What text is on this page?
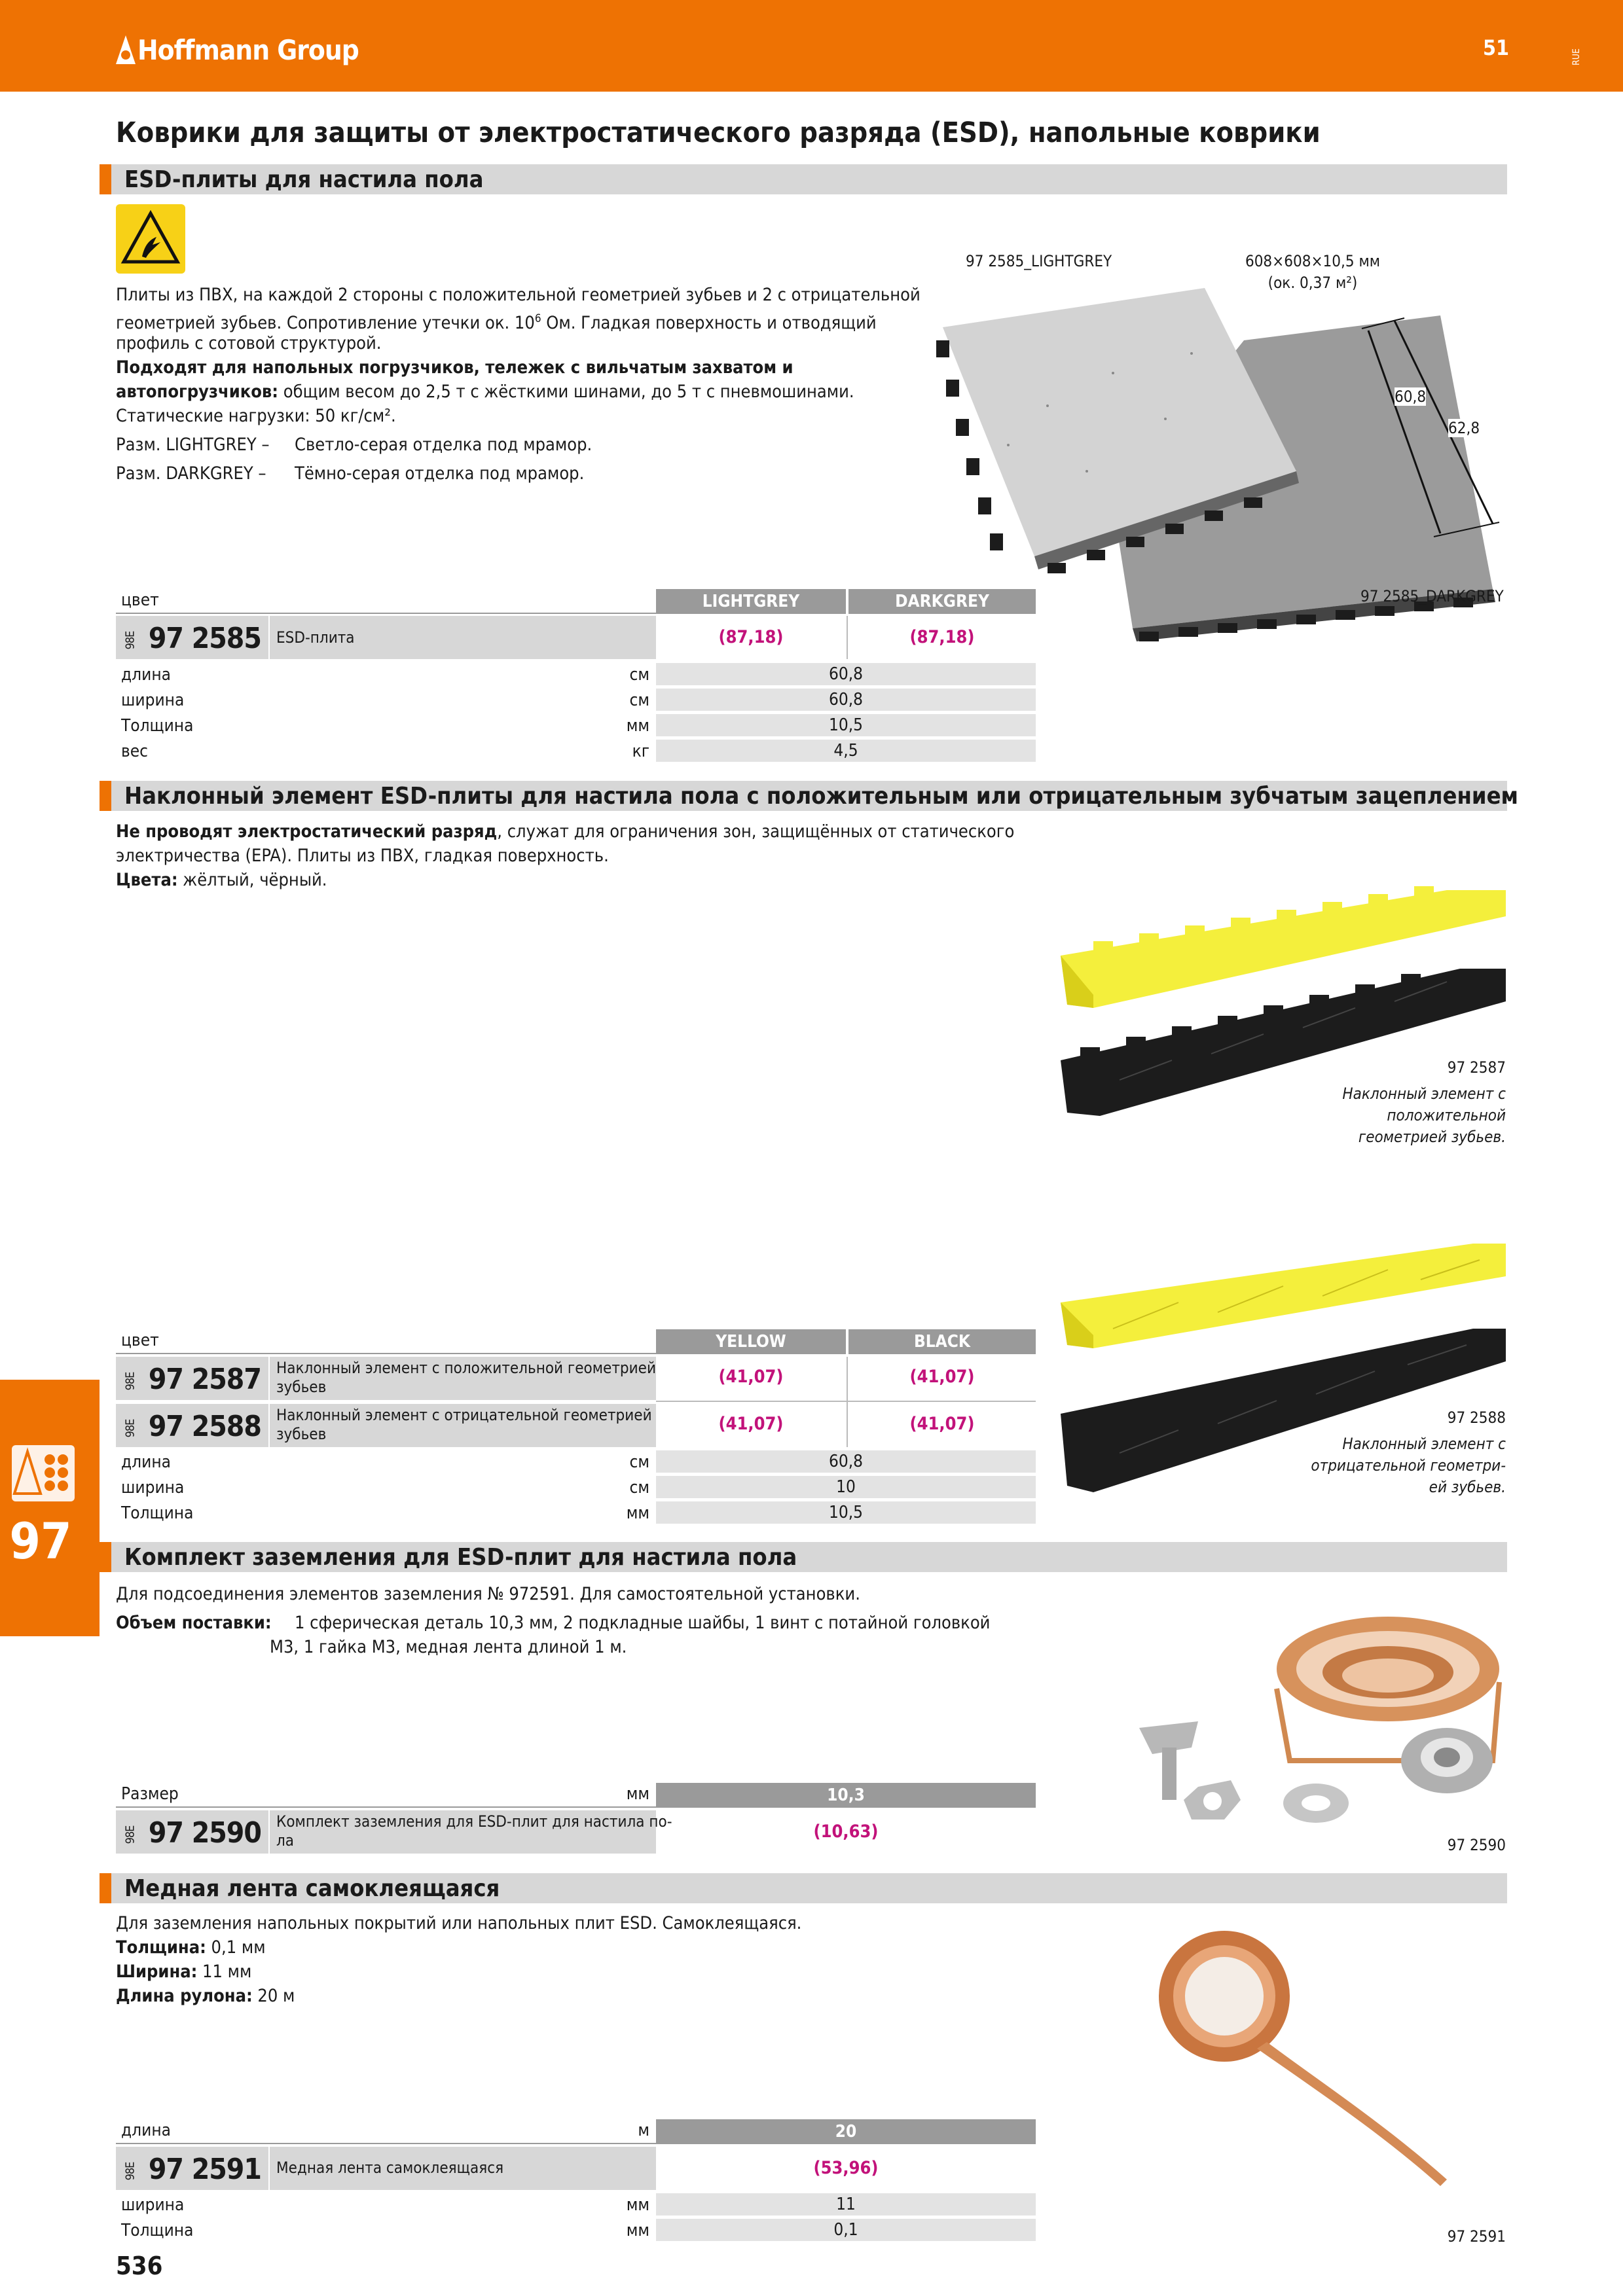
Hoffmann Group	51	RUE
Коврики для защиты от электростатического разряда (ESD), напольные коврики
ESD-плиты для настила пола
Плиты из ПВХ, на каждой 2 стороны с положительной геометрией зубьев и 2 с отрицательной
геометрией зубьев. Сопротивление утечки ок. $10^6$ Ом. Гладкая поверхность и отводящий
профиль с сотовой структурой.
Подходят для напольных погрузчиков, тележек с вильчатым захватом и
автопогрузчиков: общим весом до 2,5 т с жёсткими шинами, до 5 т с пневмошинами.
Статические нагрузки: 50 кг/см².
Разм. LIGHTGREY – Светло-серая отделка под мрамор.
Разм. DARKGREY – Тёмно-серая отделка под мрамор.
97 2585_LIGHTGREY	608×608×10,5 мм
(ок. 0,37 м²)
60,8
62,8
97 2585_DARKGREY
цвет	LIGHTGREY	DARKGREY
98E 97 2585 ESD-плита	(87,18)	(87,18)
длина	см	60,8
ширина	см	60,8
Толщина	мм	10,5
вес	кг	4,5
Наклонный элемент ESD-плиты для настила пола с положительным или отрицательным зубчатым зацеплением
Не проводят электростатический разряд, служат для ограничения зон, защищённых от статического
электричества (EPA). Плиты из ПВХ, гладкая поверхность.
Цвета: жёлтый, чёрный.
97 2587
Наклонный элемент с
положительной
геометрией зубьев.
97 2588
Наклонный элемент с
отрицательной геометри-
ей зубьев.
цвет	YELLOW	BLACK
98E 97 2587 Наклонный элемент с положительной геометрией
зубьев	(41,07)	(41,07)
98E 97 2588 Наклонный элемент с отрицательной геометрией
зубьев	(41,07)	(41,07)
длина	см	60,8
ширина	см	10
Толщина	мм	10,5
97	Комплект заземления для ESD-плит для настила пола
Для подсоединения элементов заземления № 972591. Для самостоятельной установки.
Объем поставки: 1 сферическая деталь 10,3 мм, 2 подкладные шайбы, 1 винт с потайной головкой
М3, 1 гайка М3, медная лента длиной 1 м.
97 2590
Размер	мм	10,3
98E 97 2590 Комплект заземления для ESD-плит для настила по-
ла	(10,63)
Медная лента самоклеящаяся
Для заземления напольных покрытий или напольных плит ESD. Самоклеящаяся.
Толщина: 0,1 мм
Ширина: 11 мм
Длина рулона: 20 м
97 2591
длина	м	20
98E 97 2591 Медная лента самоклеящаяся	(53,96)
ширина	мм	11
Толщина	мм	0,1
536
